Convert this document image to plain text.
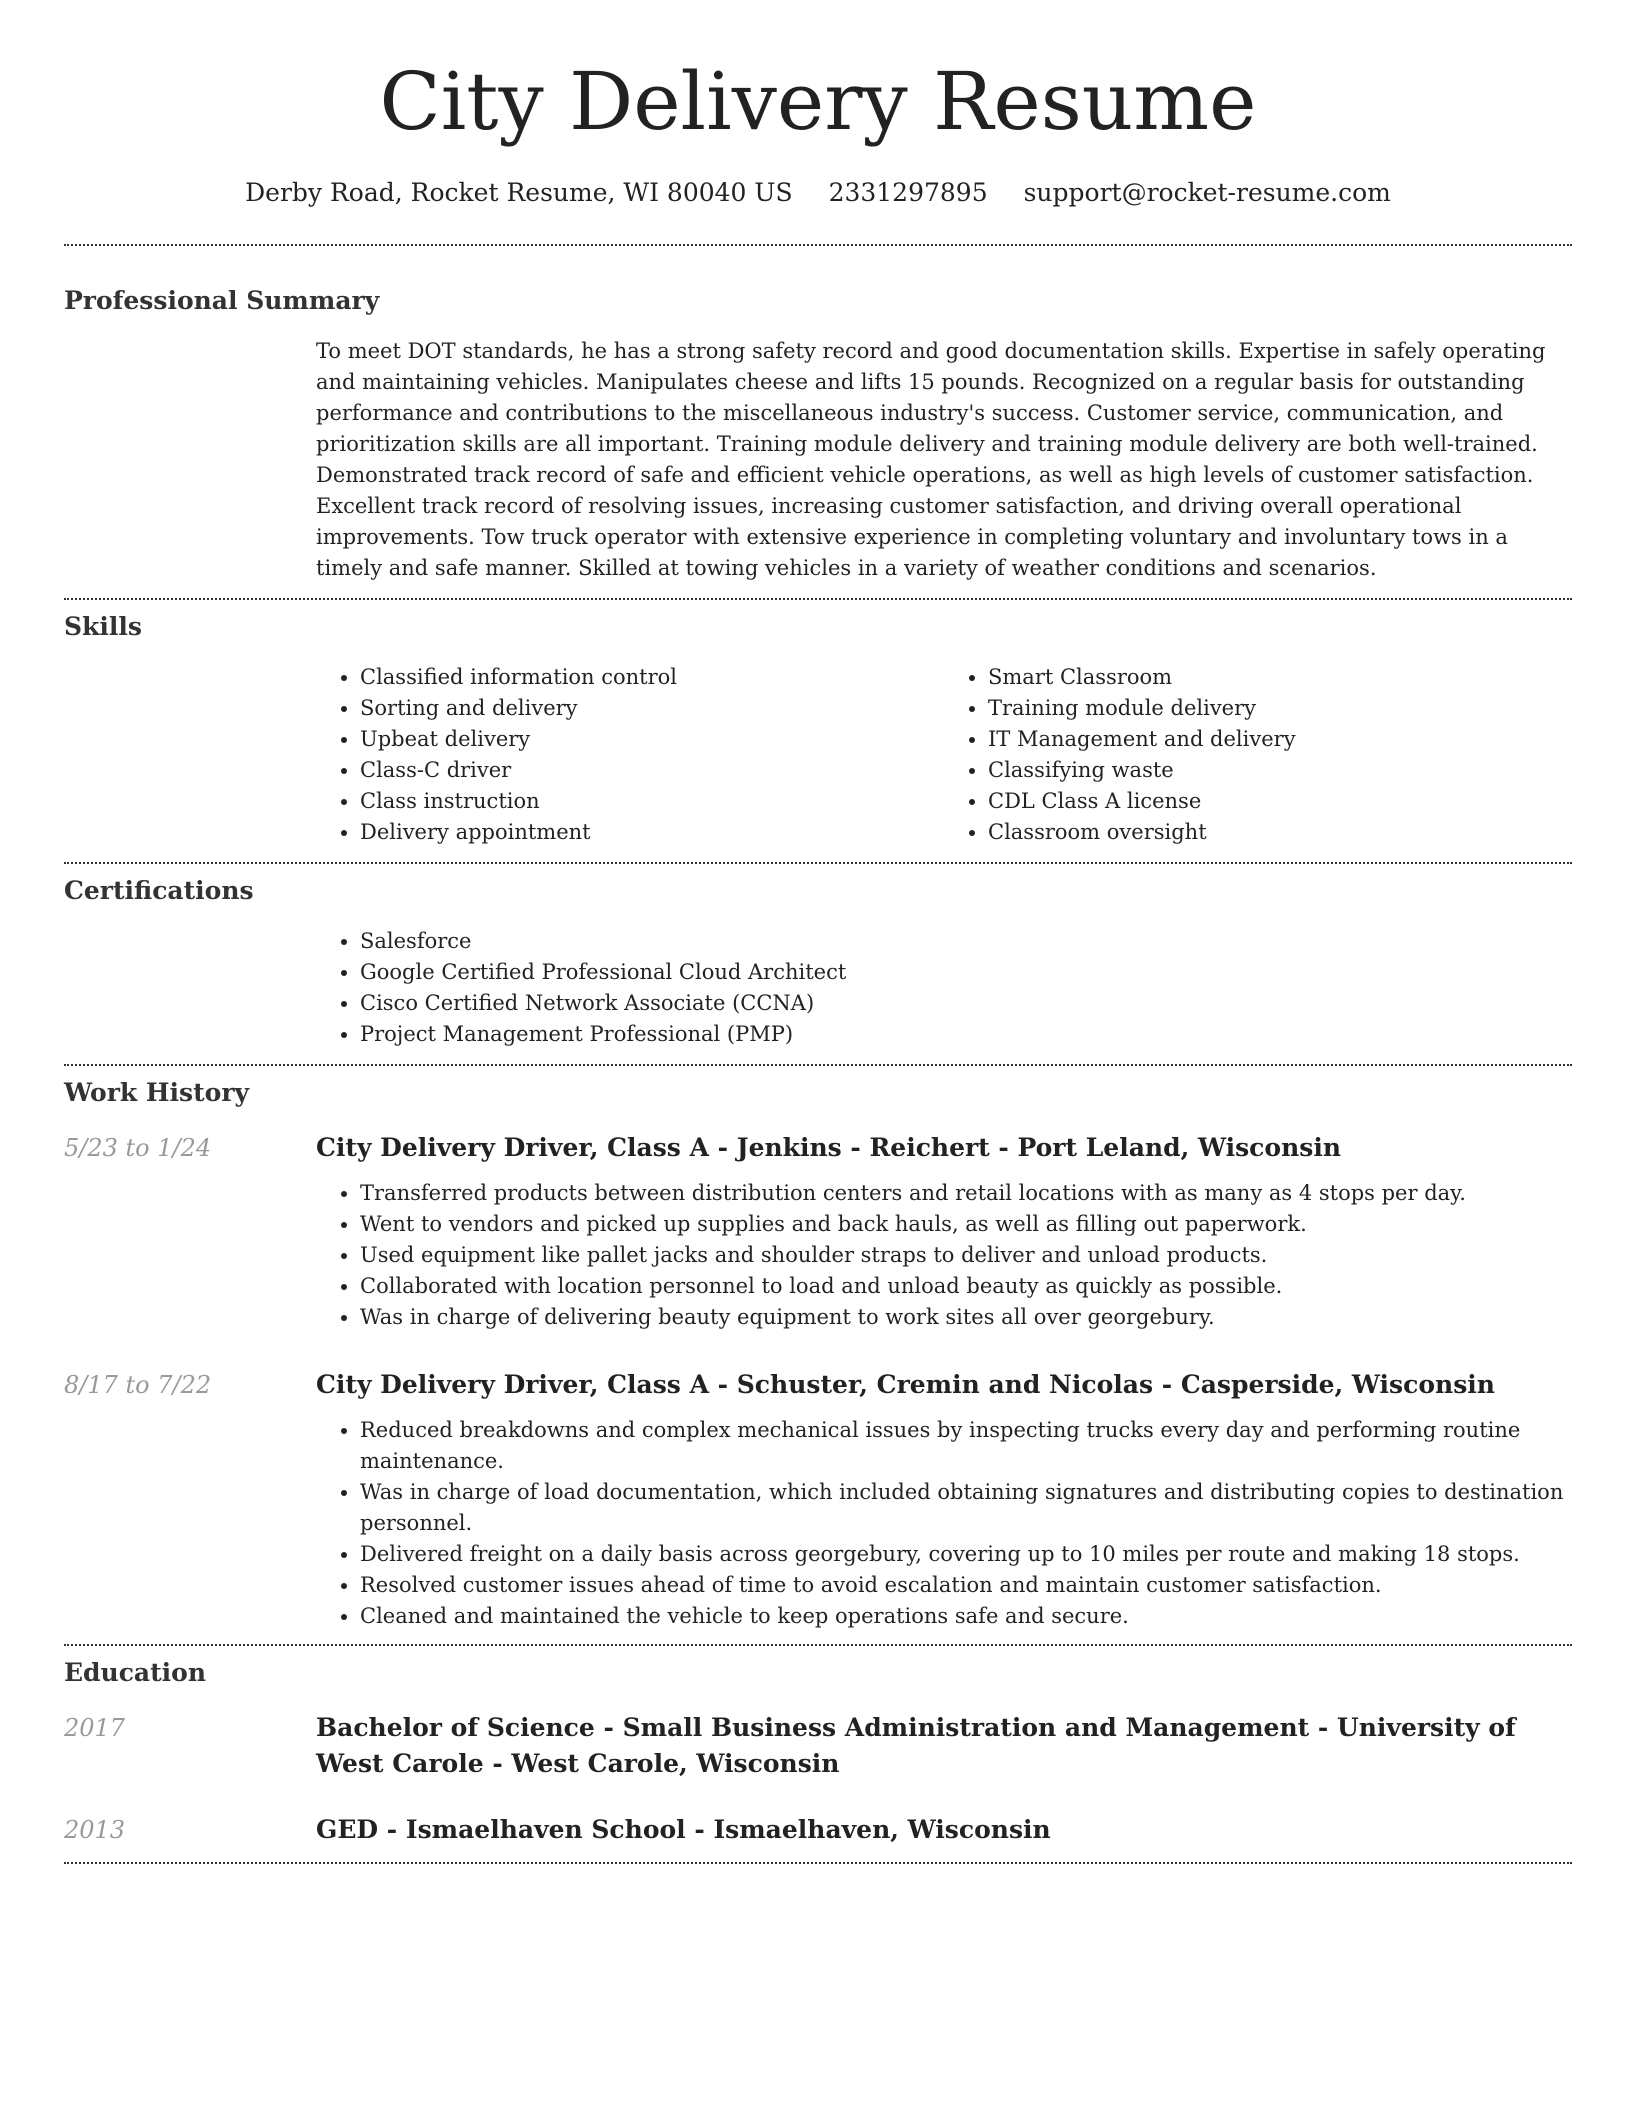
City Delivery Resume
Derby Road, Rocket Resume, WI 80040 US 2331297895 support@rocket-resume.com
Professional Summary
To meet DOT standards, he has a strong safety record and good documentation skills. Expertise in safely operating and maintaining vehicles. Manipulates cheese and lifts 15 pounds. Recognized on a regular basis for outstanding performance and contributions to the miscellaneous industry's success. Customer service, communication, and prioritization skills are all important. Training module delivery and training module delivery are both well-trained. Demonstrated track record of safe and efficient vehicle operations, as well as high levels of customer satisfaction. Excellent track record of resolving issues, increasing customer satisfaction, and driving overall operational improvements. Tow truck operator with extensive experience in completing voluntary and involuntary tows in a timely and safe manner. Skilled at towing vehicles in a variety of weather conditions and scenarios.
Skills
• Classified information control
• Sorting and delivery
• Upbeat delivery
• Class-C driver
• Class instruction
• Delivery appointment
• Smart Classroom
• Training module delivery
• IT Management and delivery
• Classifying waste
• CDL Class A license
• Classroom oversight
Certifications
• Salesforce
• Google Certified Professional Cloud Architect
• Cisco Certified Network Associate (CCNA)
• Project Management Professional (PMP)
Work History
5/23 to 1/24	City Delivery Driver, Class A - Jenkins - Reichert - Port Leland, Wisconsin
• Transferred products between distribution centers and retail locations with as many as 4 stops per day.
• Went to vendors and picked up supplies and back hauls, as well as filling out paperwork.
• Used equipment like pallet jacks and shoulder straps to deliver and unload products.
• Collaborated with location personnel to load and unload beauty as quickly as possible.
• Was in charge of delivering beauty equipment to work sites all over georgebury.
8/17 to 7/22	City Delivery Driver, Class A - Schuster, Cremin and Nicolas - Casperside, Wisconsin
• Reduced breakdowns and complex mechanical issues by inspecting trucks every day and performing routine maintenance.
• Was in charge of load documentation, which included obtaining signatures and distributing copies to destination personnel.
• Delivered freight on a daily basis across georgebury, covering up to 10 miles per route and making 18 stops.
• Resolved customer issues ahead of time to avoid escalation and maintain customer satisfaction.
• Cleaned and maintained the vehicle to keep operations safe and secure.
Education
2017	Bachelor of Science - Small Business Administration and Management - University of West Carole - West Carole, Wisconsin
2013	GED - Ismaelhaven School - Ismaelhaven, Wisconsin
